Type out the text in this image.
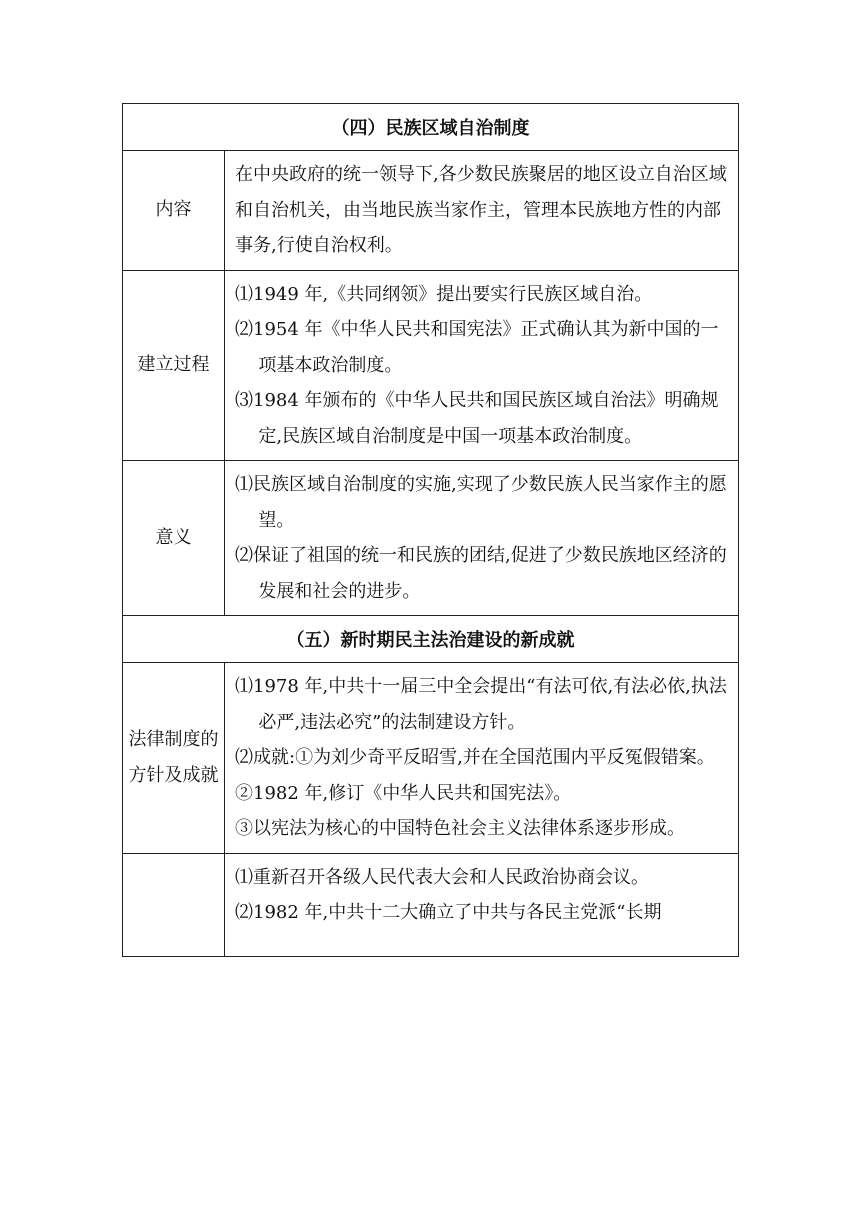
（四）民族区域自治制度	
内容	在中央政府的统一领导下,各少数民族聚居的地区设立自治区域和自治机关，由当地民族当家作主，管理本民族地方性的内部事务,行使自治权利。

建立过程	⑴1949 年,《共同纲领》提出要实行民族区域自治。

⑵1954 年《中华人民共和国宪法》正式确认其为新中国的一项基本政治制度。

⑶1984 年颁布的《中华人民共和国民族区域自治法》明确规定,民族区域自治制度是中国一项基本政治制度。

意义	⑴民族区域自治制度的实施,实现了少数民族人民当家作主的愿望。

⑵保证了祖国的统一和民族的团结,促进了少数民族地区经济的发展和社会的进步。

（五）新时期民主法治建设的新成就	
法律制度的方针及成就	⑴1978 年,中共十一届三中全会提出“有法可依,有法必依,执法必严,违法必究”的法制建设方针。

⑵成就:①为刘少奇平反昭雪,并在全国范围内平反冤假错案。

②1982 年,修订《中华人民共和国宪法》。

③以宪法为核心的中国特色社会主义法律体系逐步形成。

	⑴重新召开各级人民代表大会和人民政治协商会议。

⑵1982 年,中共十二大确立了中共与各民主党派“长期
